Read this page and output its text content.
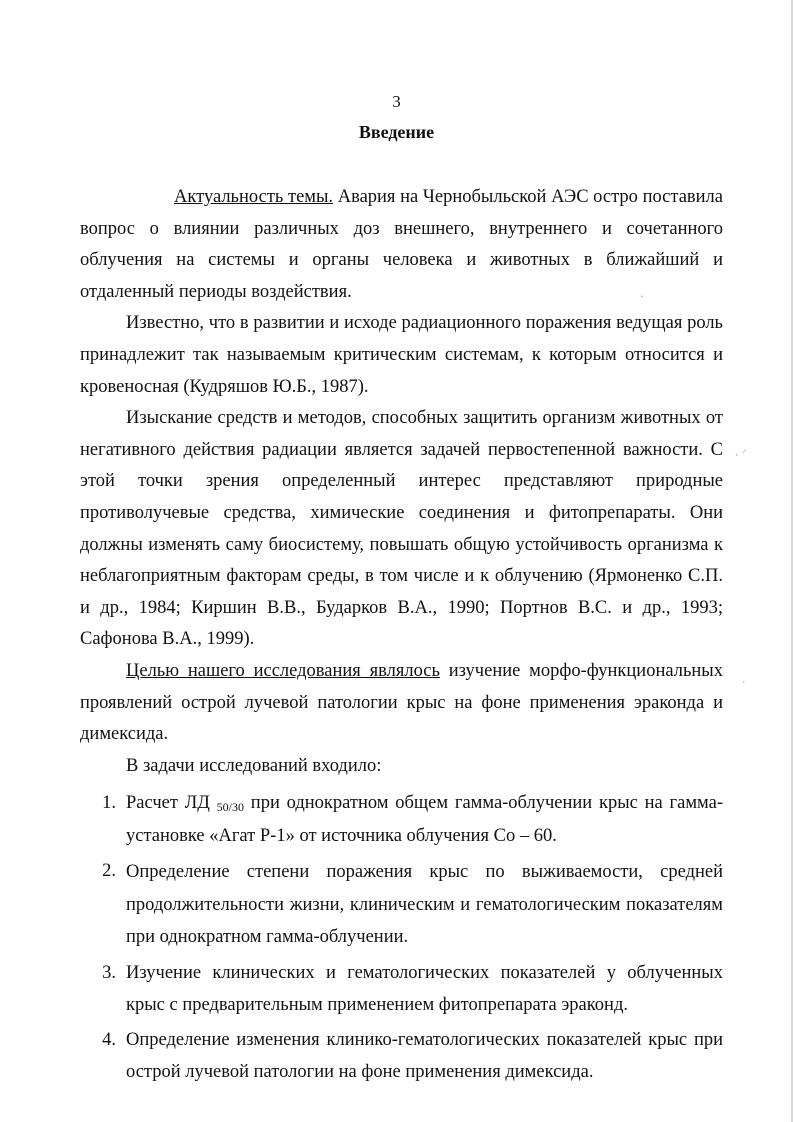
3
Введение

Актуальность темы. Авария на Чернобыльской АЭС остро поставила вопрос о влиянии различных доз внешнего, внутреннего и сочетанного облучения на системы и органы человека и животных в ближайший и отдаленный периоды воздействия.

Известно, что в развитии и исходе радиационного поражения ведущая роль принадлежит так называемым критическим системам, к которым относится и кровеносная (Кудряшов Ю.Б., 1987).

Изыскание средств и методов, способных защитить организм животных от негативного действия радиации является задачей первостепенной важности. С этой точки зрения определенный интерес представляют природные противолучевые средства, химические соединения и фитопрепараты. Они должны изменять саму биосистему, повышать общую устойчивость организма к неблагоприятным факторам среды, в том числе и к облучению (Ярмоненко С.П. и др., 1984; Киршин В.В., Бударков В.А., 1990; Портнов В.С. и др., 1993; Сафонова В.А., 1999).

Целью нашего исследования являлось изучение морфо-функциональных проявлений острой лучевой патологии крыс на фоне применения эраконда и димексида.

В задачи исследований входило:

1. Расчет ЛД 50/30 при однократном общем гамма-облучении крыс на гамма-установке «Агат Р-1» от источника облучения Со – 60.
2. Определение степени поражения крыс по выживаемости, средней продолжительности жизни, клиническим и гематологическим показателям при однократном гамма-облучении.
3. Изучение клинических и гематологических показателей у облученных крыс с предварительным применением фитопрепарата эраконд.
4. Определение изменения клинико-гематологических показателей крыс при острой лучевой патологии на фоне применения димексида.
⸳ ⸍
·
·
